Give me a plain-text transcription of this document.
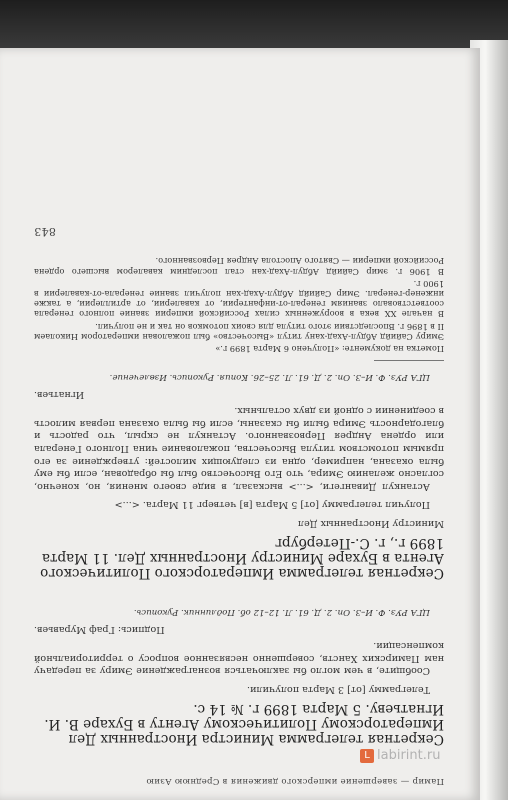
Памир — завершение имперского движения в Среднюю Азию
Секретная телеграмма Министра Иностранных Дел Императорскому Политическому Агенту в Бухаре В. И. Игнатьеву. 5 Марта 1899 г. № 14 с.

Телеграмму [от] 3 Марта получили.

Сообщите, в чем могло бы заключаться вознаграждение Эмиру за передачу нам Памирских Ханств, совершенно несвязанное вопросу о территориальной компенсации.

Подпись: Граф Муравьев.

ЦГА РУз. Ф. И–3. Оп. 2. Д. 61. Л. 12–12 об. Подлинник. Рукопись.

Секретная телеграмма Императорского Политического Агента в Бухаре Министру Иностранных Дел. 11 Марта 1899 г., г. С.-Петербург

Министру Иностранных Дел

Получил телеграмму [от] 5 Марта [в] четверг 11 Марта. <...>

Астанкул Дивангеги, <...> высказал, в виде своего мнения, но, конечно, согласно желанию Эмира, что Его Высочество был бы обрадован, если бы ему была оказана, например, одна из следующих милостей: утверждение за его прямым потомством титула Высочества, пожалование чина Полного Генерала или ордена Андрея Первозванного. Астанкул не скрыл, что радость и благодарность Эмира были бы сказаны, если бы была оказана первая милость в соединении с одной из двух остальных.

Игнатьев.

ЦГА РУз. Ф. И–3. Оп. 2. Д. 61. Л. 25–26. Копия. Рукопись. Извлечение.

Пометка на документе: «Получено 6 Марта 1899 г.»

Эмиру Сайийд Абдул-Ахад-хану титул «Высочество» был пожалован императором Николаем II в 1896 г. Впоследствии этого титула для своих потомков он так и не получил.

В начале XX века в вооруженных силах Российской империи звание полного генерала соответствовало званиям генерал-от-инфантерии, от кавалерии, от артиллерии, а также инженер-генерал. Эмир Сайийд Абдул-Ахад-хан получил звание генерала-от-кавалерии в 1900 г.

В 1906 г. эмир Сайийд Абдул-Ахад-хан стал последним кавалером высшего ордена Российской империи — Святого Апостола Андрея Первозванного.

843
L labirint.ru
